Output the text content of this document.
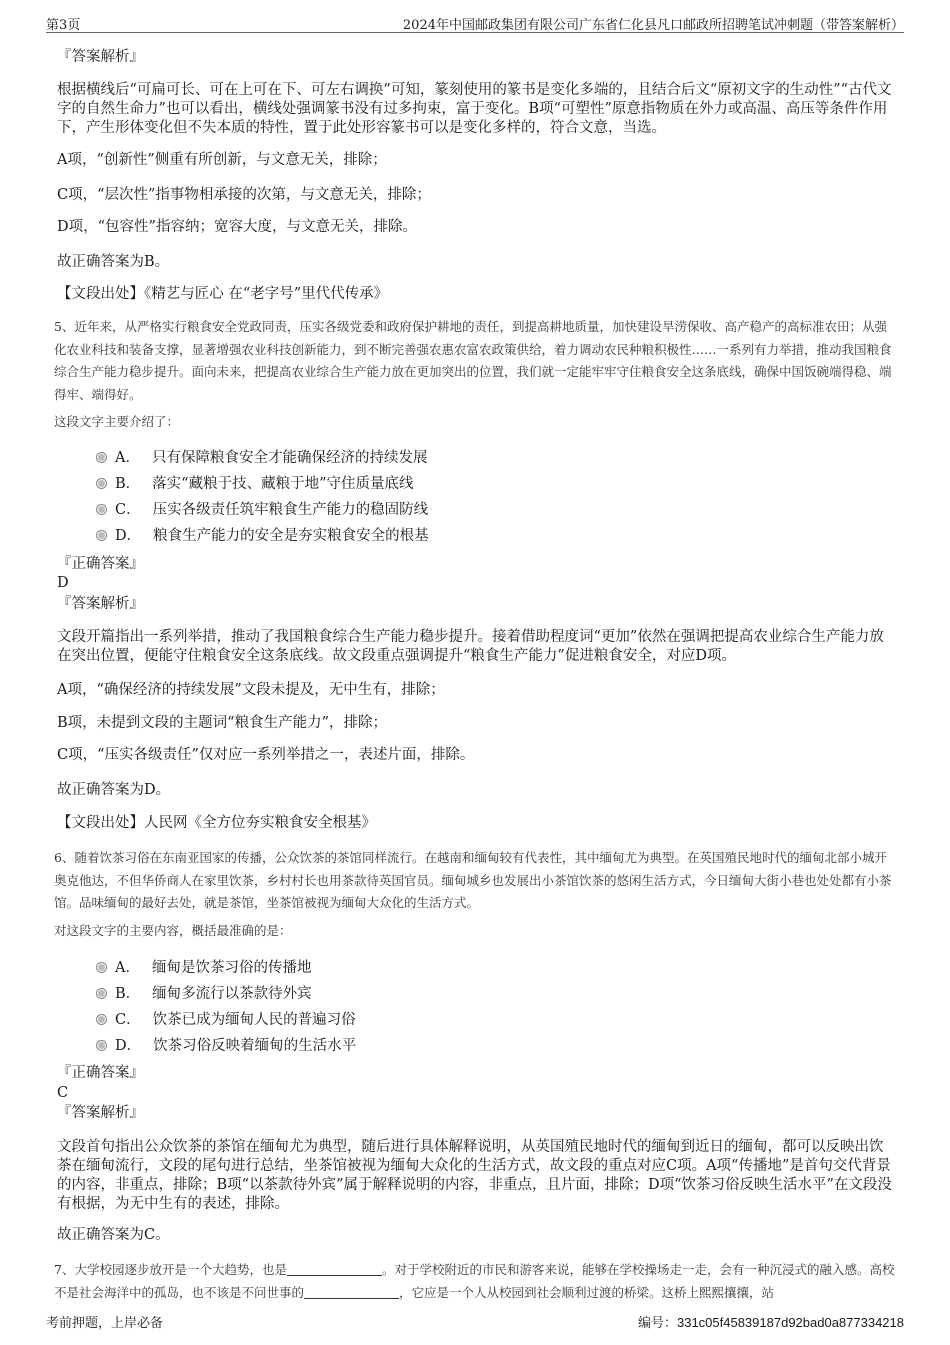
第3页	2024年中国邮政集团有限公司广东省仁化县凡口邮政所招聘笔试冲刺题（带答案解析）

『答案解析』

根据横线后“可扁可长、可在上可在下、可左右调换”可知，篆刻使用的篆书是变化多端的，且结合后文“原初文字的生动性”“古代文字的自然生命力”也可以看出，横线处强调篆书没有过多拘束，富于变化。B项“可塑性”原意指物质在外力或高温、高压等条件作用下，产生形体变化但不失本质的特性，置于此处形容篆书可以是变化多样的，符合文意，当选。

A项，“创新性”侧重有所创新，与文意无关，排除；

C项，“层次性”指事物相承接的次第，与文意无关，排除；

D项，“包容性”指容纳；宽容大度，与文意无关，排除。

故正确答案为B。

【文段出处】《精艺与匠心 在“老字号”里代代传承》

5、近年来，从严格实行粮食安全党政同责，压实各级党委和政府保护耕地的责任，到提高耕地质量，加快建设旱涝保收、高产稳产的高标准农田；从强化农业科技和装备支撑，显著增强农业科技创新能力，到不断完善强农惠农富农政策供给，着力调动农民种粮积极性……一系列有力举措，推动我国粮食综合生产能力稳步提升。面向未来，把提高农业综合生产能力放在更加突出的位置，我们就一定能牢牢守住粮食安全这条底线，确保中国饭碗端得稳、端得牢、端得好。

这段文字主要介绍了：

A． 只有保障粮食安全才能确保经济的持续发展
B． 落实“藏粮于技、藏粮于地”守住质量底线
C． 压实各级责任筑牢粮食生产能力的稳固防线
D． 粮食生产能力的安全是夯实粮食安全的根基

『正确答案』

D

『答案解析』

文段开篇指出一系列举措，推动了我国粮食综合生产能力稳步提升。接着借助程度词“更加”依然在强调把提高农业综合生产能力放在突出位置，便能守住粮食安全这条底线。故文段重点强调提升“粮食生产能力”促进粮食安全，对应D项。

A项，“确保经济的持续发展”文段未提及，无中生有，排除；

B项，未提到文段的主题词“粮食生产能力”，排除；

C项，“压实各级责任”仅对应一系列举措之一，表述片面，排除。

故正确答案为D。

【文段出处】人民网《全方位夯实粮食安全根基》

6、随着饮茶习俗在东南亚国家的传播，公众饮茶的茶馆同样流行。在越南和缅甸较有代表性，其中缅甸尤为典型。在英国殖民地时代的缅甸北部小城开奥克他达，不但华侨商人在家里饮茶，乡村村长也用茶款待英国官员。缅甸城乡也发展出小茶馆饮茶的悠闲生活方式，今日缅甸大街小巷也处处都有小茶馆。品味缅甸的最好去处，就是茶馆，坐茶馆被视为缅甸大众化的生活方式。

对这段文字的主要内容，概括最准确的是：

A． 缅甸是饮茶习俗的传播地
B． 缅甸多流行以茶款待外宾
C． 饮茶已成为缅甸人民的普遍习俗
D． 饮茶习俗反映着缅甸的生活水平

『正确答案』

C

『答案解析』

文段首句指出公众饮茶的茶馆在缅甸尤为典型，随后进行具体解释说明，从英国殖民地时代的缅甸到近日的缅甸，都可以反映出饮茶在缅甸流行，文段的尾句进行总结，坐茶馆被视为缅甸大众化的生活方式，故文段的重点对应C项。A项“传播地”是首句交代背景的内容，非重点，排除；B项“以茶款待外宾”属于解释说明的内容，非重点，且片面，排除；D项“饮茶习俗反映生活水平”在文段没有根据，为无中生有的表述，排除。

故正确答案为C。

7、大学校园逐步放开是一个大趋势，也是	。对于学校附近的市民和游客来说，能够在学校操场走一走，会有一种沉浸式的融入感。高校不是社会海洋中的孤岛，也不该是不问世事的	，它应是一个人从校园到社会顺利过渡的桥梁。这桥上熙熙攘攘，站

考前押题，上岸必备	编号：331c05f45839187d92bad0a877334218
